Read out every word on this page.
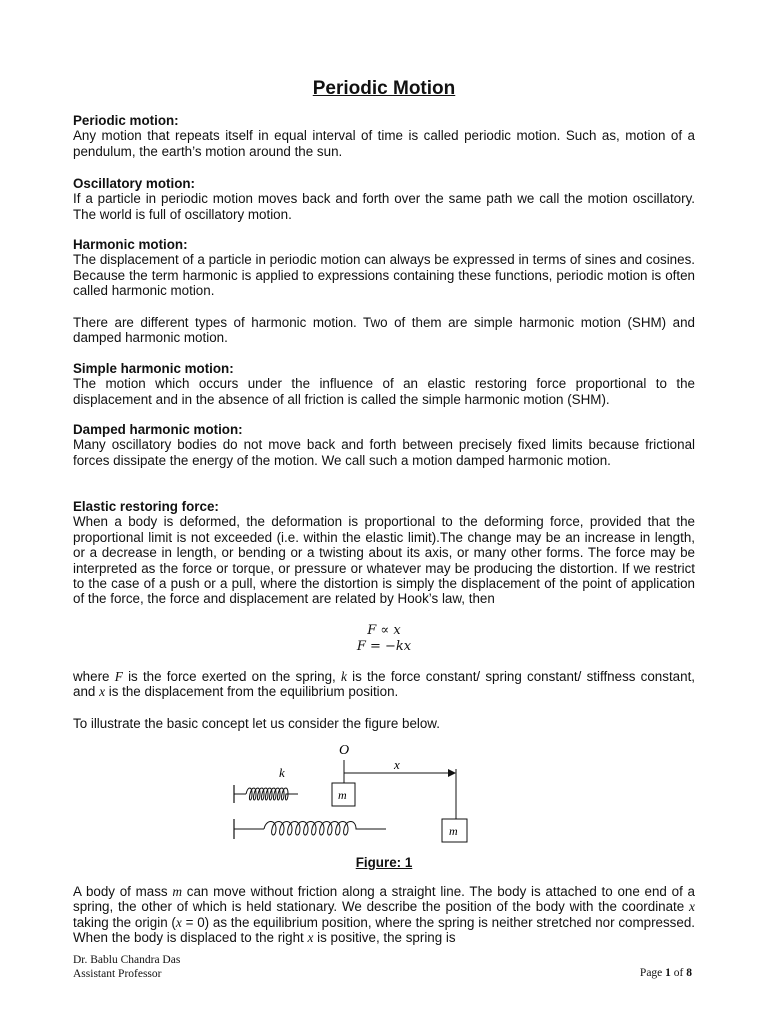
Periodic Motion
Periodic motion:
Any motion that repeats itself in equal interval of time is called periodic motion. Such as, motion of a pendulum, the earth’s motion around the sun.
Oscillatory motion:
If a particle in periodic motion moves back and forth over the same path we call the motion oscillatory. The world is full of oscillatory motion.
Harmonic motion:
The displacement of a particle in periodic motion can always be expressed in terms of sines and cosines. Because the term harmonic is applied to expressions containing these functions, periodic motion is often called harmonic motion.
There are different types of harmonic motion. Two of them are simple harmonic motion (SHM) and damped harmonic motion.
Simple harmonic motion:
The motion which occurs under the influence of an elastic restoring force proportional to the displacement and in the absence of all friction is called the simple harmonic motion (SHM).
Damped harmonic motion:
Many oscillatory bodies do not move back and forth between precisely fixed limits because frictional forces dissipate the energy of the motion. We call such a motion damped harmonic motion.
Elastic restoring force:
When a body is deformed, the deformation is proportional to the deforming force, provided that the proportional limit is not exceeded (i.e. within the elastic limit).The change may be an increase in length, or a decrease in length, or bending or a twisting about its axis, or many other forms. The force may be interpreted as the force or torque, or pressure or whatever may be producing the distortion. If we restrict to the case of a push or a pull, where the distortion is simply the displacement of the point of application of the force, the force and displacement are related by Hook’s law, then
F ∝ x
F = −kx
where F is the force exerted on the spring, k is the force constant/ spring constant/ stiffness constant, and x is the displacement from the equilibrium position.
To illustrate the basic concept let us consider the figure below.
O
k
x
m
m
Figure: 1
A body of mass m can move without friction along a straight line. The body is attached to one end of a spring, the other of which is held stationary. We describe the position of the body with the coordinate x taking the origin (x = 0) as the equilibrium position, where the spring is neither stretched nor compressed. When the body is displaced to the right x is positive, the spring is
Dr. Bablu Chandra Das
Assistant Professor	Page 1 of 8
